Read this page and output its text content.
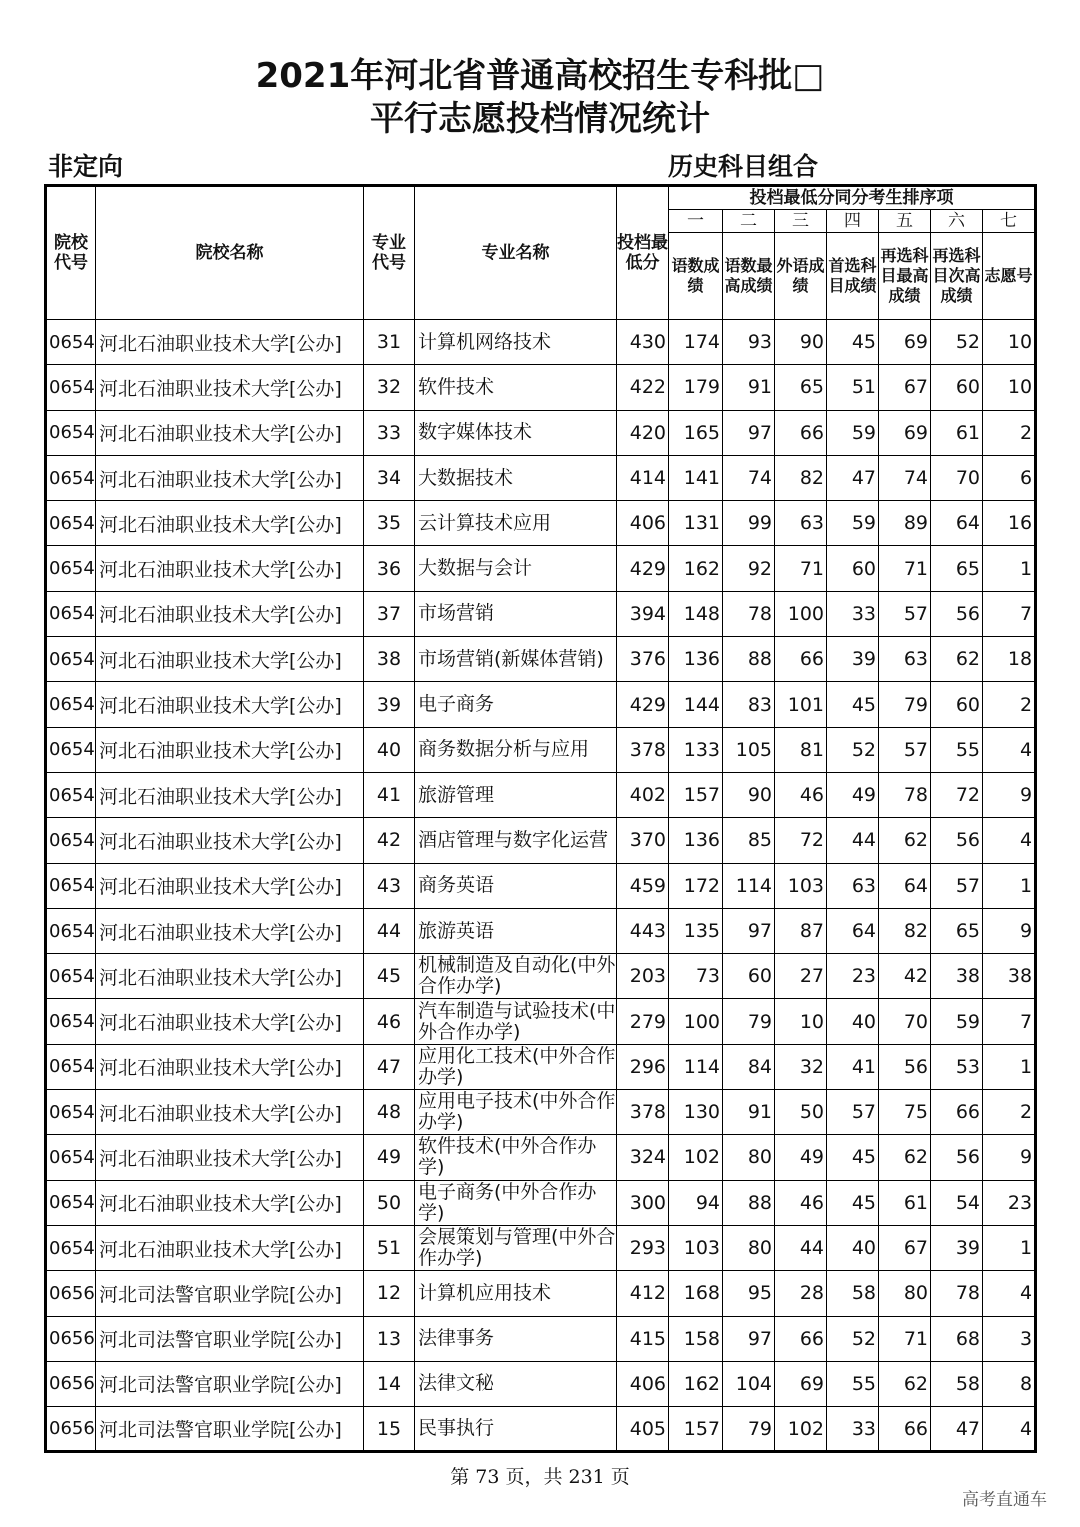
2021年河北省普通高校招生专科批□
平行志愿投档情况统计
非定向	历史科目组合
院校代号	院校名称	专业代号	专业名称	投档最低分	投档最低分同分考生排序项						
					一	二	三	四	五	六	七
					语数成绩	语数最高成绩	外语成绩	首选科目成绩	再选科目最高成绩	再选科目次高成绩	志愿号
0654	河北石油职业技术大学[公办]	31	计算机网络技术	430	174	93	90	45	69	52	10
0654	河北石油职业技术大学[公办]	32	软件技术	422	179	91	65	51	67	60	10
0654	河北石油职业技术大学[公办]	33	数字媒体技术	420	165	97	66	59	69	61	2
0654	河北石油职业技术大学[公办]	34	大数据技术	414	141	74	82	47	74	70	6
0654	河北石油职业技术大学[公办]	35	云计算技术应用	406	131	99	63	59	89	64	16
0654	河北石油职业技术大学[公办]	36	大数据与会计	429	162	92	71	60	71	65	1
0654	河北石油职业技术大学[公办]	37	市场营销	394	148	78	100	33	57	56	7
0654	河北石油职业技术大学[公办]	38	市场营销(新媒体营销)	376	136	88	66	39	63	62	18
0654	河北石油职业技术大学[公办]	39	电子商务	429	144	83	101	45	79	60	2
0654	河北石油职业技术大学[公办]	40	商务数据分析与应用	378	133	105	81	52	57	55	4
0654	河北石油职业技术大学[公办]	41	旅游管理	402	157	90	46	49	78	72	9
0654	河北石油职业技术大学[公办]	42	酒店管理与数字化运营	370	136	85	72	44	62	56	4
0654	河北石油职业技术大学[公办]	43	商务英语	459	172	114	103	63	64	57	1
0654	河北石油职业技术大学[公办]	44	旅游英语	443	135	97	87	64	82	65	9
0654	河北石油职业技术大学[公办]	45	机械制造及自动化(中外合作办学)	203	73	60	27	23	42	38	38
0654	河北石油职业技术大学[公办]	46	汽车制造与试验技术(中外合作办学)	279	100	79	10	40	70	59	7
0654	河北石油职业技术大学[公办]	47	应用化工技术(中外合作办学)	296	114	84	32	41	56	53	1
0654	河北石油职业技术大学[公办]	48	应用电子技术(中外合作办学)	378	130	91	50	57	75	66	2
0654	河北石油职业技术大学[公办]	49	软件技术(中外合作办学)	324	102	80	49	45	62	56	9
0654	河北石油职业技术大学[公办]	50	电子商务(中外合作办学)	300	94	88	46	45	61	54	23
0654	河北石油职业技术大学[公办]	51	会展策划与管理(中外合作办学)	293	103	80	44	40	67	39	1
0656	河北司法警官职业学院[公办]	12	计算机应用技术	412	168	95	28	58	80	78	4
0656	河北司法警官职业学院[公办]	13	法律事务	415	158	97	66	52	71	68	3
0656	河北司法警官职业学院[公办]	14	法律文秘	406	162	104	69	55	62	58	8
0656	河北司法警官职业学院[公办]	15	民事执行	405	157	79	102	33	66	47	4
第 73 页，共 231 页
高考直通车
